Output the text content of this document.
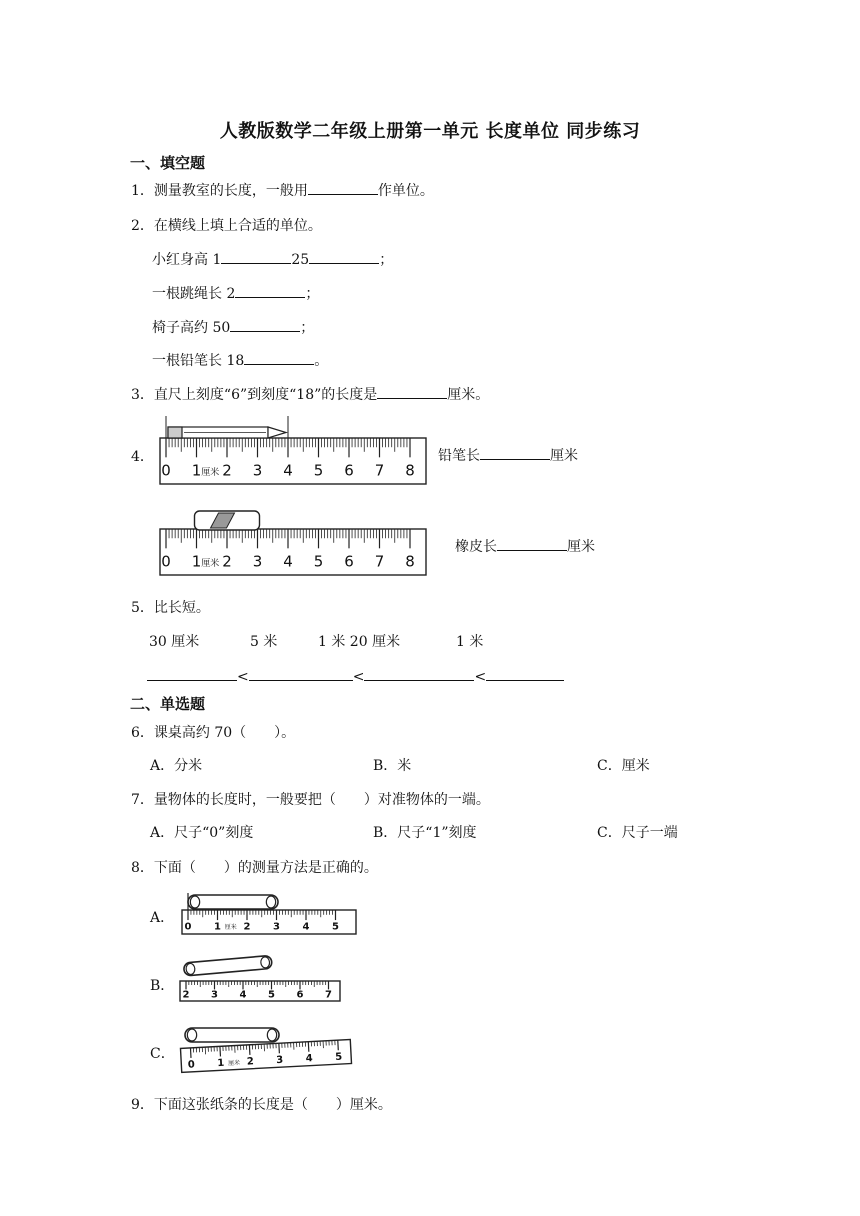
人教版数学二年级上册第一单元 长度单位 同步练习
一、填空题
1．测量教室的长度，一般用	作单位。
2．在横线上填上合适的单位。
小红身高 1	25	；
一根跳绳长 2	；
椅子高约 50	；
一根铅笔长 18	。
3．直尺上刻度“6”到刻度“18”的长度是	厘米。
4．
0 1 厘米 2 3 4 5 6 7 8
铅笔长	厘米
0 1 厘米 2 3 4 5 6 7 8
橡皮长	厘米
5．比长短。
30 厘米	5 米	1 米 20 厘米	1 米
<	<	<
二、单选题
6．课桌高约 70（　　）。
A．分米	B．米	C．厘米
7．量物体的长度时，一般要把（　　）对准物体的一端。
A．尺子“0”刻度	B．尺子“1”刻度	C．尺子一端
8．下面（　　）的测量方法是正确的。
A．
B．
C．
0 1 厘米 2 3 4 5
2 3 4 5 6 7
0 1 厘米 2 3 4 5
9．下面这张纸条的长度是（　　）厘米。
